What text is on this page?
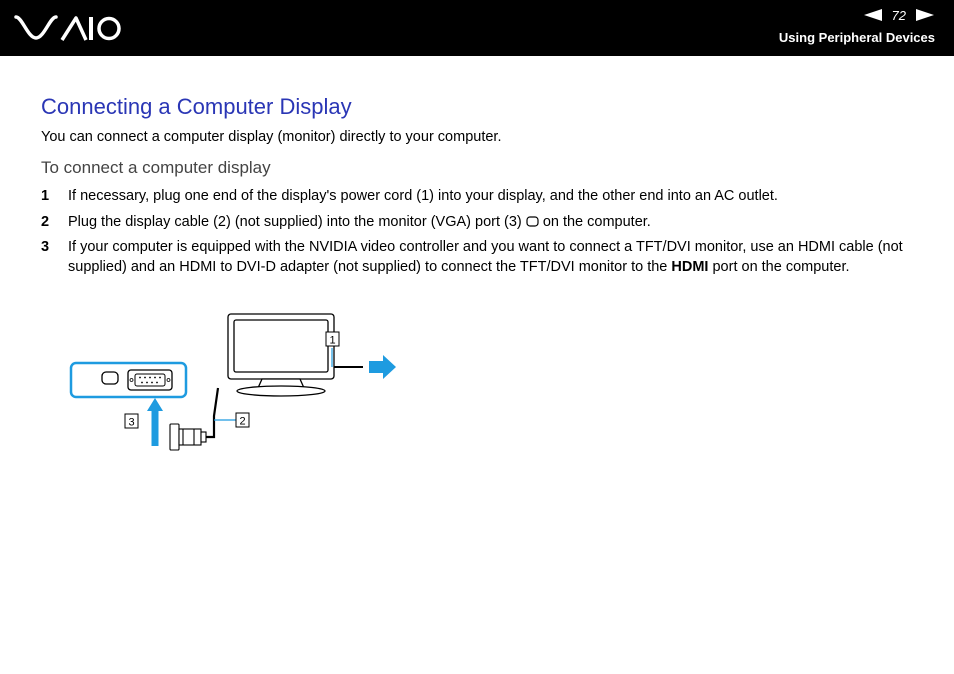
72
Using Peripheral Devices
Connecting a Computer Display

You can connect a computer display (monitor) directly to your computer.

To connect a computer display
1 If necessary, plug one end of the display's power cord (1) into your display, and the other end into an AC outlet.
2 Plug the display cable (2) (not supplied) into the monitor (VGA) port (3) on the computer.
3 If your computer is equipped with the NVIDIA video controller and you want to connect a TFT/DVI monitor, use an HDMI cable (not supplied) and an HDMI to DVI-D adapter (not supplied) to connect the TFT/DVI monitor to the HDMI port on the computer.
3	2
1
